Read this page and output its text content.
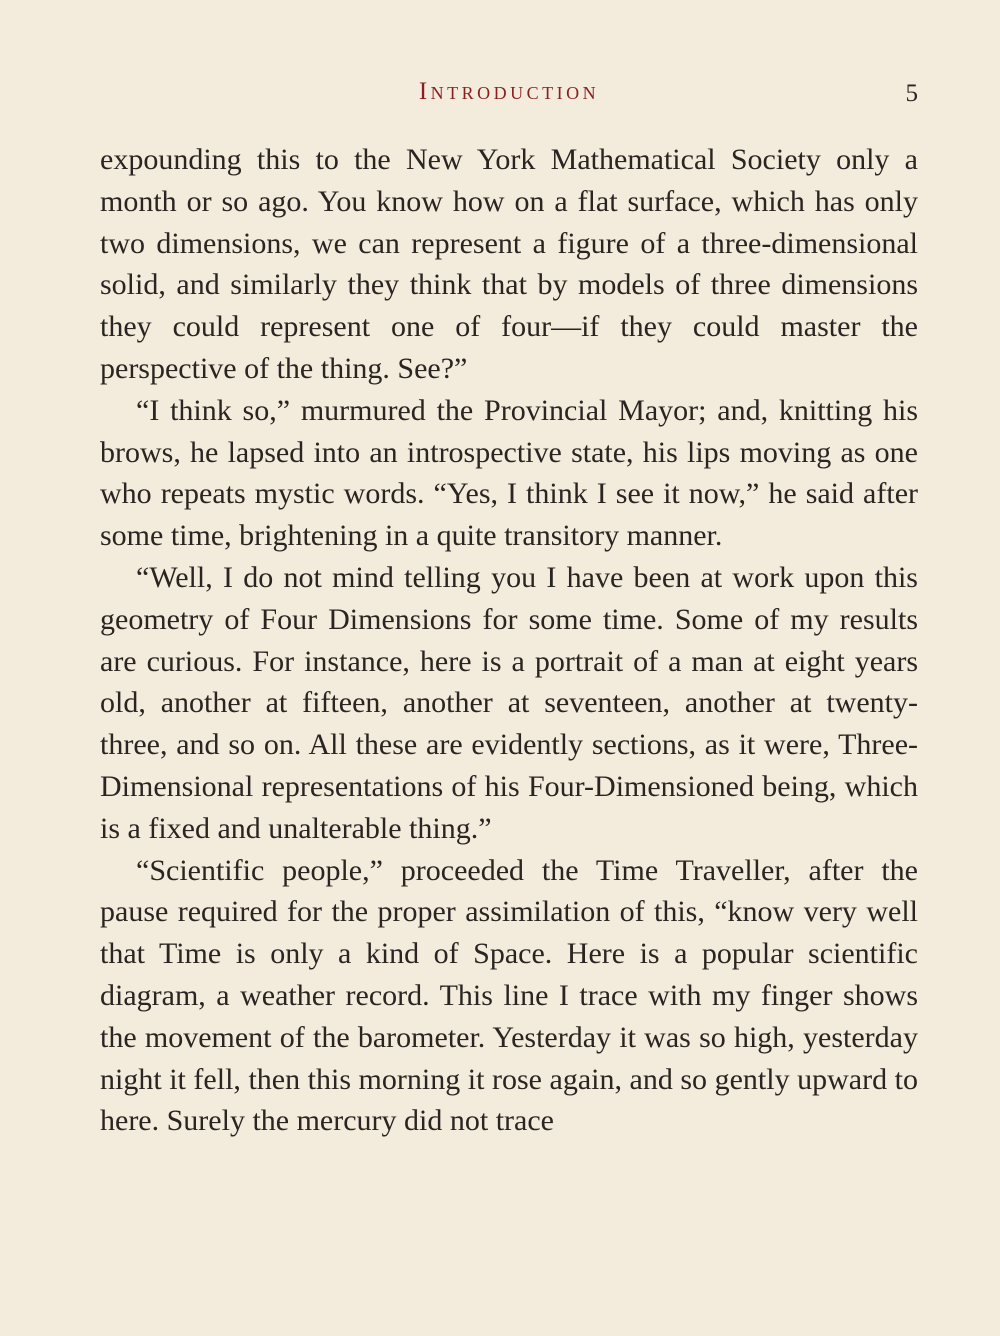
Introduction	5

expounding this to the New York Mathematical Society only a month or so ago. You know how on a flat surface, which has only two dimensions, we can represent a figure of a three-dimensional solid, and similarly they think that by models of three dimensions they could represent one of four—if they could master the perspective of the thing. See?”

“I think so,” murmured the Provincial Mayor; and, knitting his brows, he lapsed into an introspective state, his lips moving as one who repeats mystic words. “Yes, I think I see it now,” he said after some time, brightening in a quite transitory manner.

“Well, I do not mind telling you I have been at work upon this geometry of Four Dimensions for some time. Some of my results are curious. For instance, here is a portrait of a man at eight years old, another at fifteen, another at seventeen, another at twenty-three, and so on. All these are evidently sections, as it were, Three-Dimensional representations of his Four-Dimensioned being, which is a fixed and unalterable thing.”

“Scientific people,” proceeded the Time Traveller, after the pause required for the proper assimilation of this, “know very well that Time is only a kind of Space. Here is a popular scientific diagram, a weather record. This line I trace with my finger shows the movement of the barometer. Yesterday it was so high, yesterday night it fell, then this morning it rose again, and so gently upward to here. Surely the mercury did not trace
